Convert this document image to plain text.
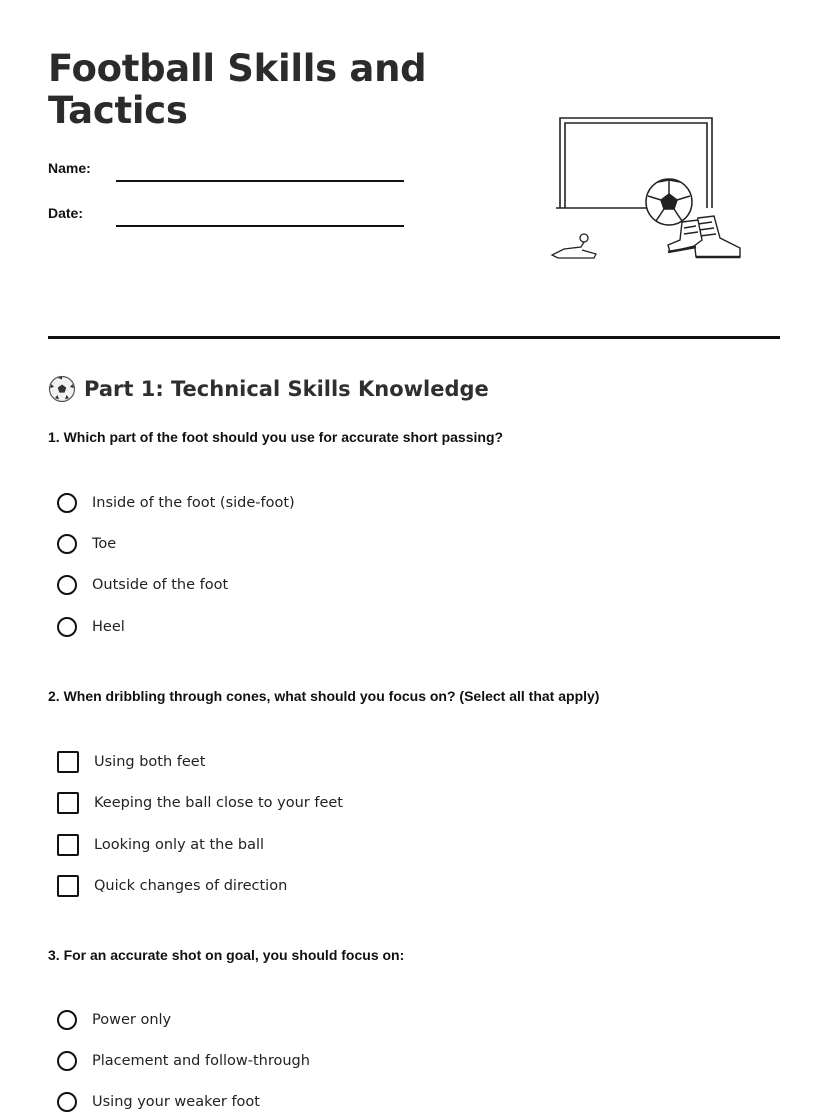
Football Skills and Tactics
Name:
Date:
Part 1: Technical Skills Knowledge
1. Which part of the foot should you use for accurate short passing?
Inside of the foot (side-foot)
Toe
Outside of the foot
Heel
2. When dribbling through cones, what should you focus on? (Select all that apply)
Using both feet
Keeping the ball close to your feet
Looking only at the ball
Quick changes of direction
3. For an accurate shot on goal, you should focus on:
Power only
Placement and follow-through
Using your weaker foot
